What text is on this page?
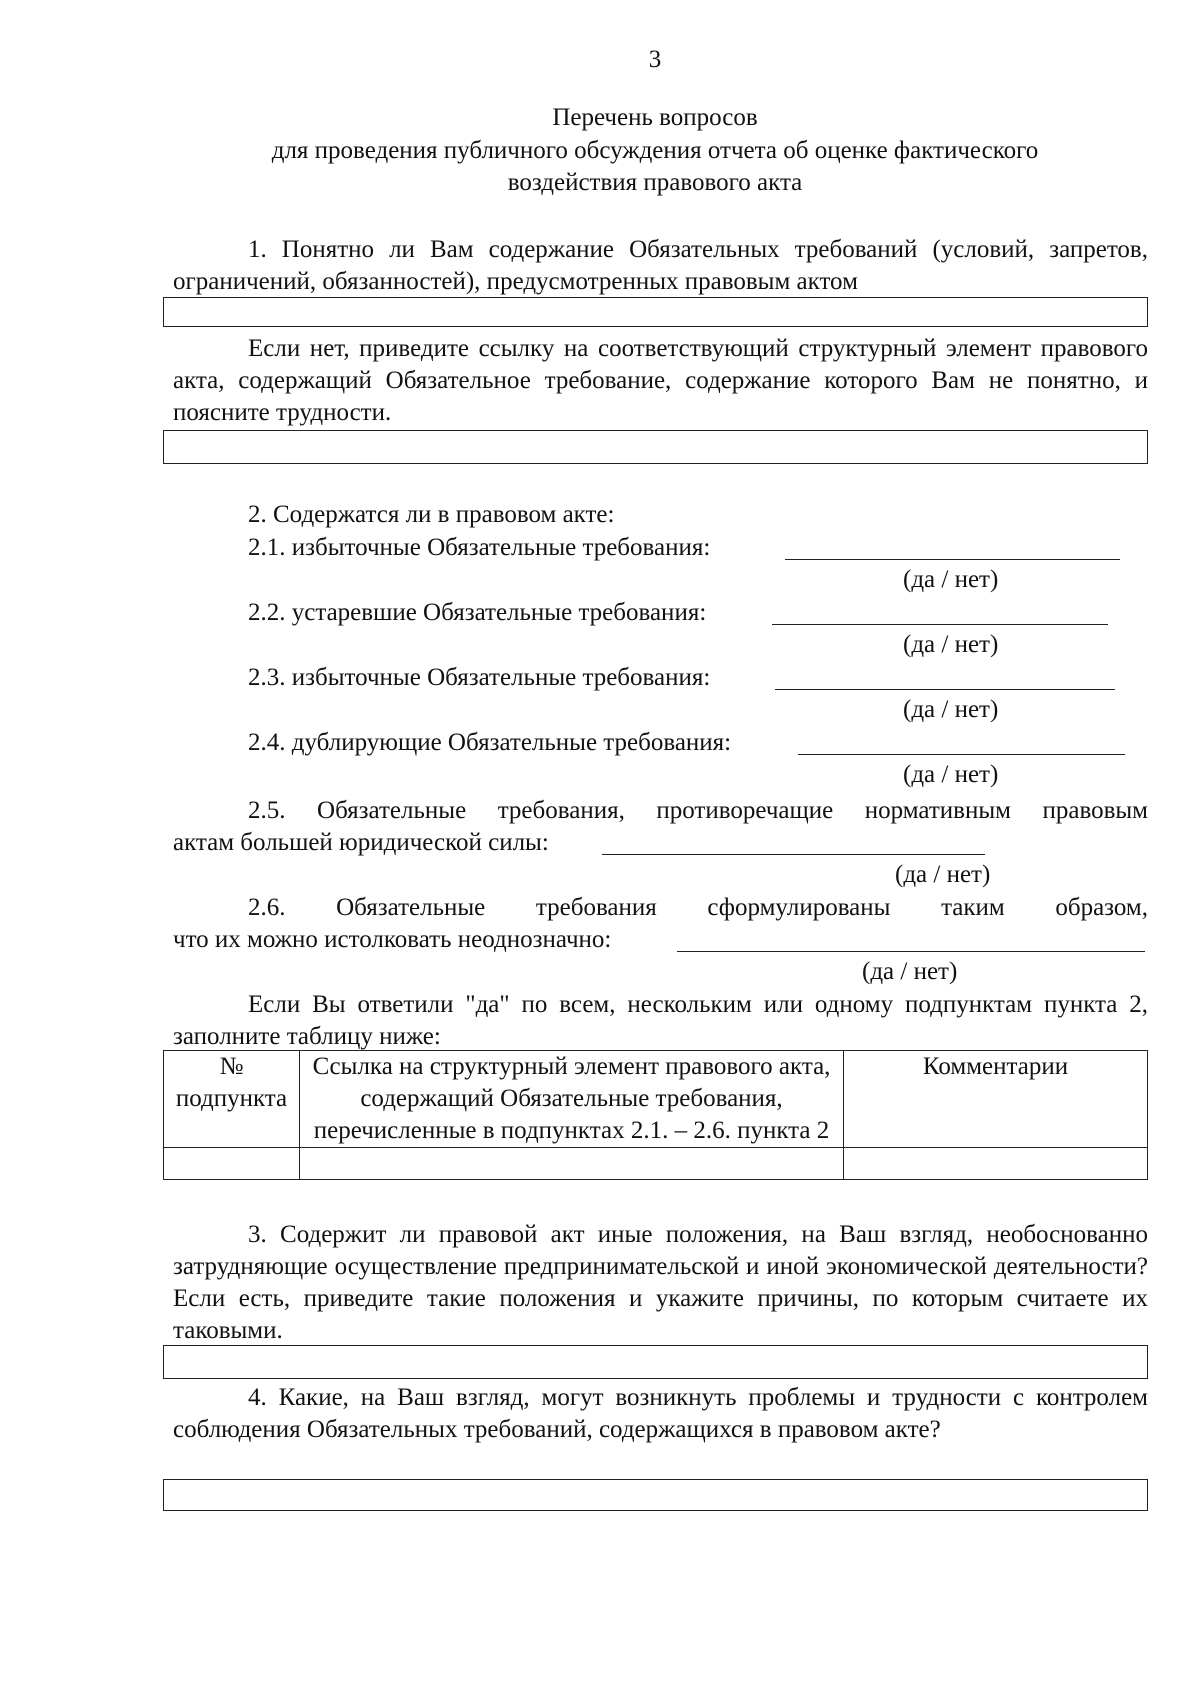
3
Перечень вопросов
для проведения публичного обсуждения отчета об оценке фактического
воздействия правового акта
1. Понятно ли Вам содержание Обязательных требований (условий, запретов, ограничений, обязанностей), предусмотренных правовым актом
Если нет, приведите ссылку на соответствующий структурный элемент правового акта, содержащий Обязательное требование, содержание которого Вам не понятно, и поясните трудности.
2. Содержатся ли в правовом акте:
2.1. избыточные Обязательные требования:
(да / нет)
2.2. устаревшие Обязательные требования:
(да / нет)
2.3. избыточные Обязательные требования:
(да / нет)
2.4. дублирующие Обязательные требования:
(да / нет)
2.5. Обязательные требования, противоречащие нормативным правовым
актам большей юридической силы:
(да / нет)
2.6. Обязательные требования сформулированы таким образом,
что их можно истолковать неоднозначно:
(да / нет)
Если Вы ответили "да" по всем, нескольким или одному подпунктам пункта 2, заполните таблицу ниже:
№ подпункта	Ссылка на структурный элемент правового акта, содержащий Обязательные требования, перечисленные в подпунктах 2.1. – 2.6. пункта 2	Комментарии

3. Содержит ли правовой акт иные положения, на Ваш взгляд, необоснованно затрудняющие осуществление предпринимательской и иной экономической деятельности? Если есть, приведите такие положения и укажите причины, по которым считаете их таковыми.
4. Какие, на Ваш взгляд, могут возникнуть проблемы и трудности с контролем соблюдения Обязательных требований, содержащихся в правовом акте?
